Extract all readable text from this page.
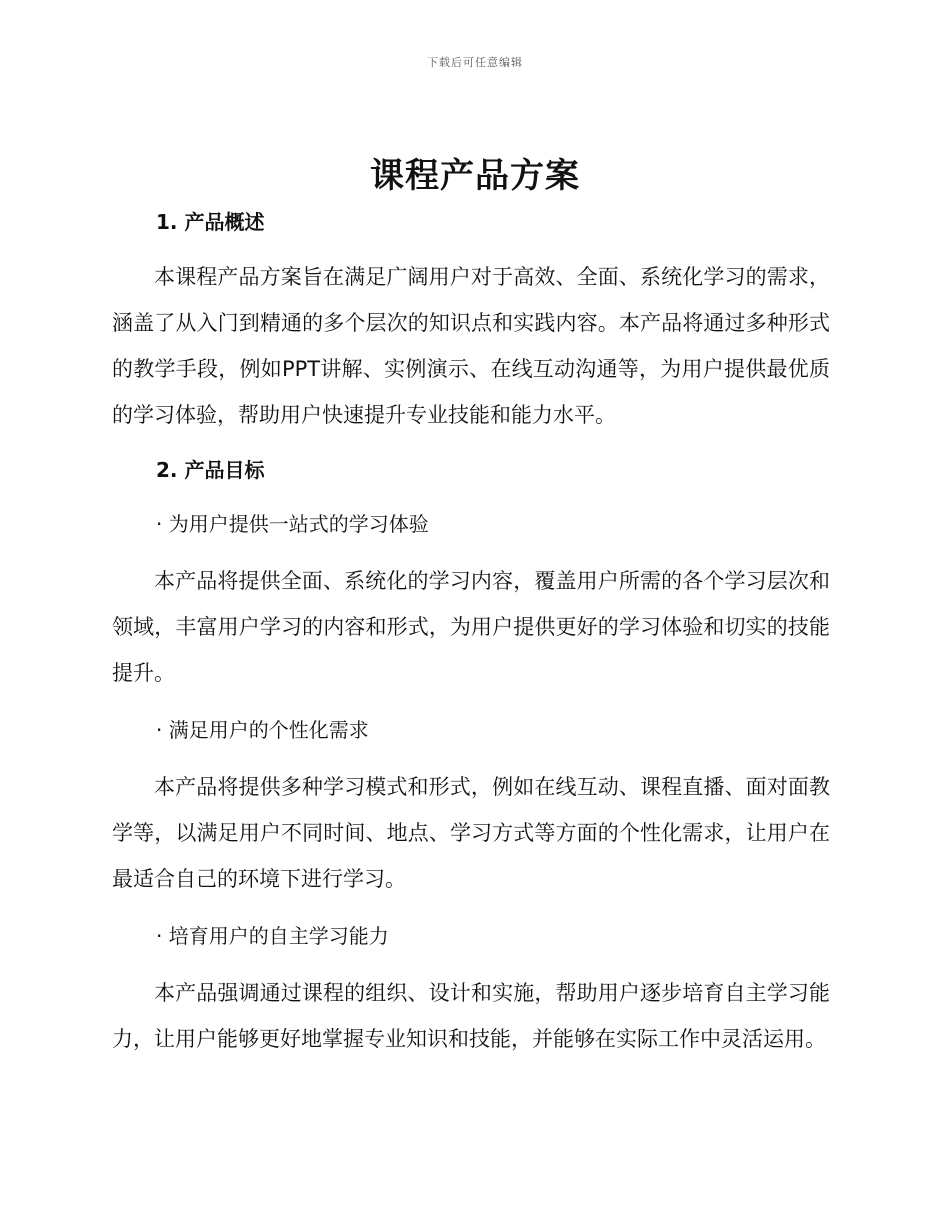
下载后可任意编辑
课程产品方案
1. 产品概述

本课程产品方案旨在满足广阔用户对于高效、全面、系统化学习的需求，涵盖了从入门到精通的多个层次的知识点和实践内容。本产品将通过多种形式的教学手段，例如PPT讲解、实例演示、在线互动沟通等，为用户提供最优质的学习体验，帮助用户快速提升专业技能和能力水平。

2. 产品目标
· 为用户提供一站式的学习体验

本产品将提供全面、系统化的学习内容，覆盖用户所需的各个学习层次和领域，丰富用户学习的内容和形式，为用户提供更好的学习体验和切实的技能提升。

· 满足用户的个性化需求

本产品将提供多种学习模式和形式，例如在线互动、课程直播、面对面教学等，以满足用户不同时间、地点、学习方式等方面的个性化需求，让用户在最适合自己的环境下进行学习。

· 培育用户的自主学习能力

本产品强调通过课程的组织、设计和实施，帮助用户逐步培育自主学习能力，让用户能够更好地掌握专业知识和技能，并能够在实际工作中灵活运用。
